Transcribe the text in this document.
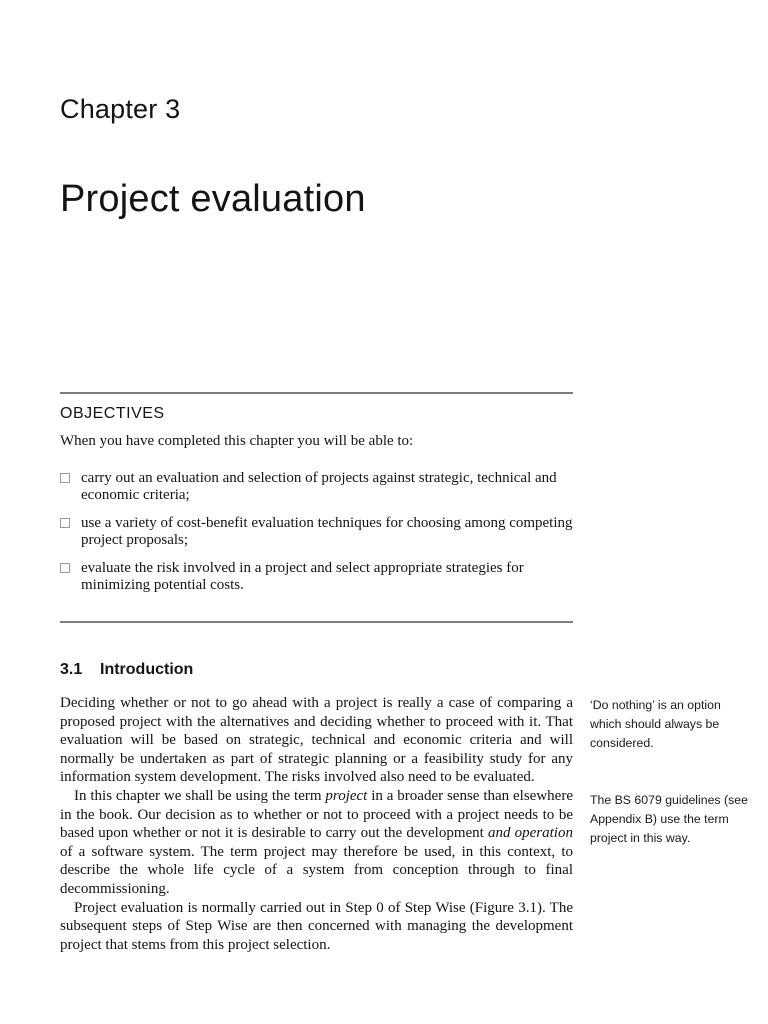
Chapter 3
Project evaluation
OBJECTIVES
When you have completed this chapter you will be able to:
carry out an evaluation and selection of projects against strategic, technical and economic criteria;
use a variety of cost-benefit evaluation techniques for choosing among competing project proposals;
evaluate the risk involved in a project and select appropriate strategies for minimizing potential costs.
3.1 Introduction

Deciding whether or not to go ahead with a project is really a case of comparing a proposed project with the alternatives and deciding whether to proceed with it. That evaluation will be based on strategic, technical and economic criteria and will normally be undertaken as part of strategic planning or a feasibility study for any information system development. The risks involved also need to be evaluated.

In this chapter we shall be using the term project in a broader sense than elsewhere in the book. Our decision as to whether or not to proceed with a project needs to be based upon whether or not it is desirable to carry out the development and operation of a software system. The term project may therefore be used, in this context, to describe the whole life cycle of a system from conception through to final decommissioning.

Project evaluation is normally carried out in Step 0 of Step Wise (Figure 3.1). The subsequent steps of Step Wise are then concerned with managing the development project that stems from this project selection.

‘Do nothing’ is an option which should always be considered.
The BS 6079 guidelines (see Appendix B) use the term project in this way.
